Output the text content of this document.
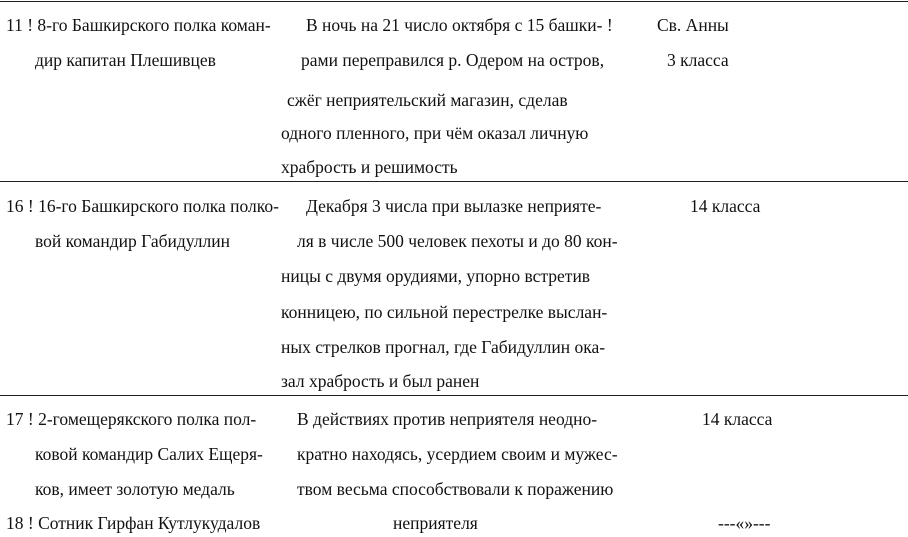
11 ! 8-го Башкирского полка коман-
дир капитан Плешивцев
В ночь на 21 число октября с 15 башки- !
рами переправился р. Одером на остров,
сжёг неприятельский магазин, сделав
одного пленного, при чём оказал личную
храбрость и решимость
Св. Анны
3 класса
16 ! 16-го Башкирского полка полко-
вой командир Габидуллин
Декабря 3 числа при вылазке неприяте-
ля в числе 500 человек пехоты и до 80 кон-
ницы с двумя орудиями, упорно встретив
конницею, по сильной перестрелке выслан-
ных стрелков прогнал, где Габидуллин ока-
зал храбрость и был ранен
14 класса
17 ! 2-гомещерякского полка пол-
ковой командир Салих Ещеря-
ков, имеет золотую медаль
В действиях против неприятеля неодно-
кратно находясь, усердием своим и мужес-
твом весьма способствовали к поражению
14 класса
18 ! Сотник Гирфан Кутлукудалов	неприятеля	---«»---
